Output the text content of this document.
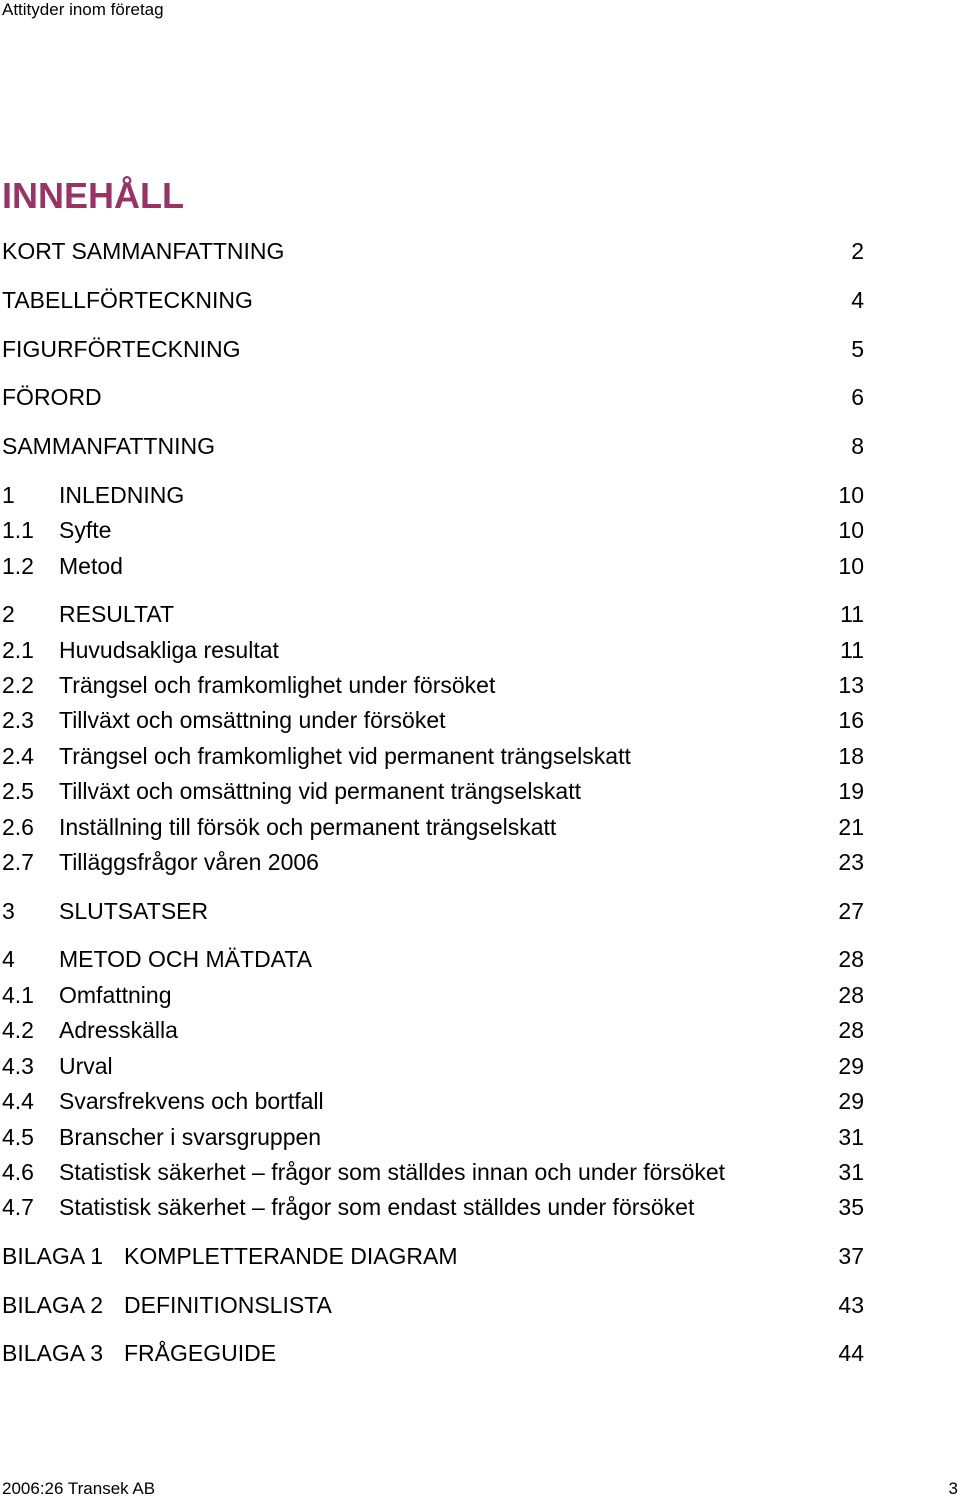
Attityder inom företag
INNEHÅLL
KORT SAMMANFATTNING	2
TABELLFÖRTECKNING	4
FIGURFÖRTECKNING	5
FÖRORD	6
SAMMANFATTNING	8
1 INLEDNING	10
1.1 Syfte	10
1.2 Metod	10
2 RESULTAT	11
2.1 Huvudsakliga resultat	11
2.2 Trängsel och framkomlighet under försöket	13
2.3 Tillväxt och omsättning under försöket	16
2.4 Trängsel och framkomlighet vid permanent trängselskatt	18
2.5 Tillväxt och omsättning vid permanent trängselskatt	19
2.6 Inställning till försök och permanent trängselskatt	21
2.7 Tilläggsfrågor våren 2006	23
3 SLUTSATSER	27
4 METOD OCH MÄTDATA	28
4.1 Omfattning	28
4.2 Adresskälla	28
4.3 Urval	29
4.4 Svarsfrekvens och bortfall	29
4.5 Branscher i svarsgruppen	31
4.6 Statistisk säkerhet – frågor som ställdes innan och under försöket	31
4.7 Statistisk säkerhet – frågor som endast ställdes under försöket	35
BILAGA 1 KOMPLETTERANDE DIAGRAM	37
BILAGA 2 DEFINITIONSLISTA	43
BILAGA 3 FRÅGEGUIDE	44
2006:26 Transek AB	3
